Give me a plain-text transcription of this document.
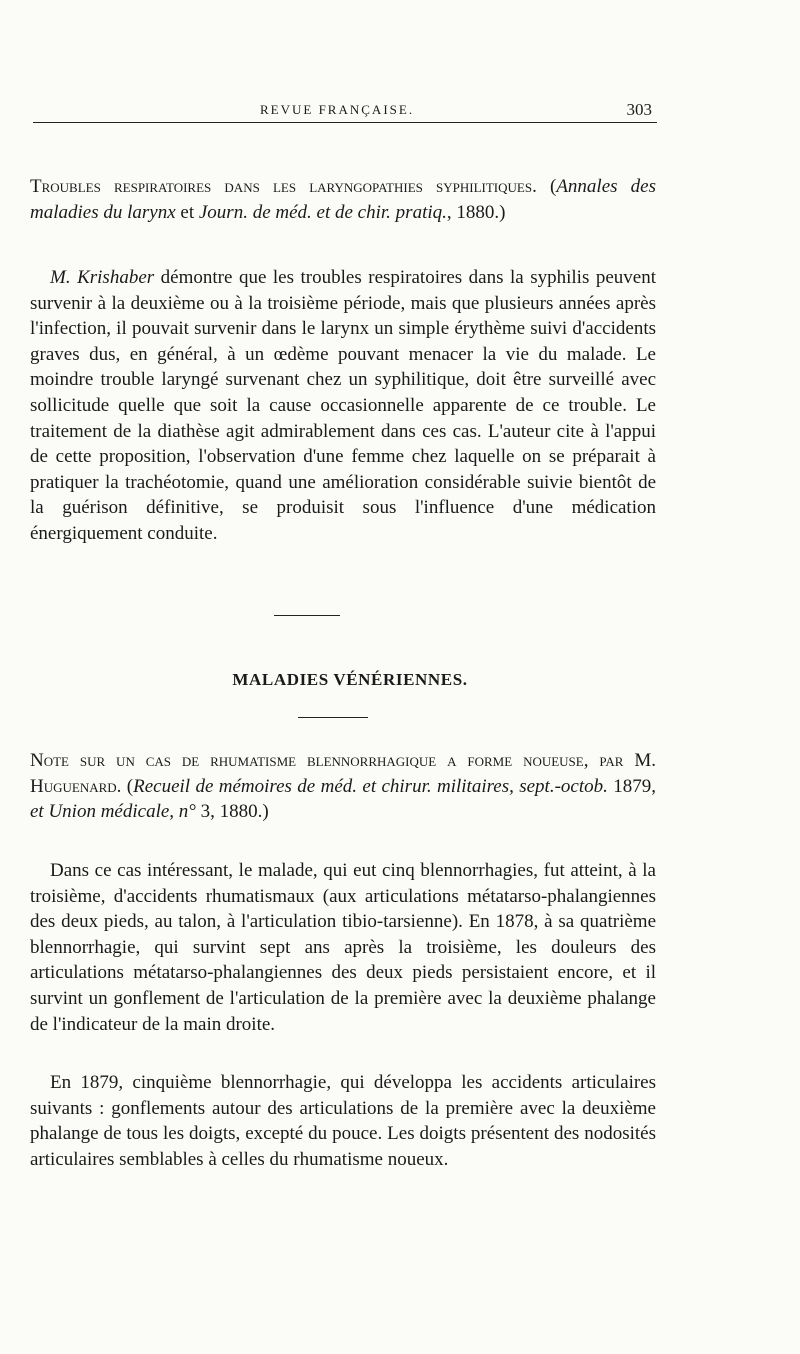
REVUE FRANÇAISE.	303

Troubles respiratoires dans les laryngopathies syphilitiques. (Annales des maladies du larynx et Journ. de méd. et de chir. pratiq., 1880.)

M. Krishaber démontre que les troubles respiratoires dans la syphilis peuvent survenir à la deuxième ou à la troisième période, mais que plusieurs années après l'infection, il pouvait survenir dans le larynx un simple érythème suivi d'accidents graves dus, en général, à un œdème pouvant menacer la vie du malade. Le moindre trouble laryngé survenant chez un syphilitique, doit être surveillé avec sollicitude quelle que soit la cause occasionnelle apparente de ce trouble. Le traitement de la diathèse agit admirablement dans ces cas. L'auteur cite à l'appui de cette proposition, l'observation d'une femme chez laquelle on se préparait à pratiquer la trachéotomie, quand une amélioration considérable suivie bientôt de la guérison définitive, se produisit sous l'influence d'une médication énergiquement conduite.

MALADIES VÉNÉRIENNES.

Note sur un cas de rhumatisme blennorrhagique a forme noueuse, par M. Huguenard. (Recueil de mémoires de méd. et chirur. militaires, sept.-octob. 1879, et Union médicale, n° 3, 1880.)

Dans ce cas intéressant, le malade, qui eut cinq blennorrhagies, fut atteint, à la troisième, d'accidents rhumatismaux (aux articulations métatarso-phalangiennes des deux pieds, au talon, à l'articulation tibio-tarsienne). En 1878, à sa quatrième blennorrhagie, qui survint sept ans après la troisième, les douleurs des articulations métatarso-phalangiennes des deux pieds persistaient encore, et il survint un gonflement de l'articulation de la première avec la deuxième phalange de l'indicateur de la main droite.

En 1879, cinquième blennorrhagie, qui développa les accidents articulaires suivants : gonflements autour des articulations de la première avec la deuxième phalange de tous les doigts, excepté du pouce. Les doigts présentent des nodosités articulaires semblables à celles du rhumatisme noueux.
